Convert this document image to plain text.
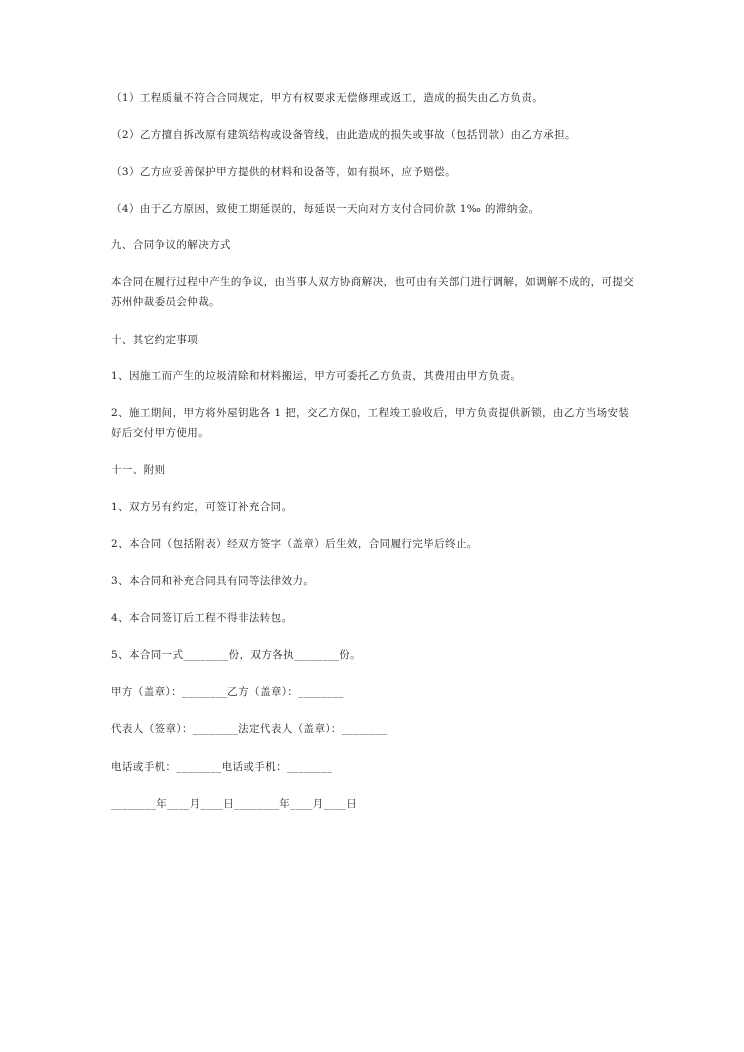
（1）工程质量不符合合同规定，甲方有权要求无偿修理或返工，造成的损失由乙方负责。
（2）乙方擅自拆改原有建筑结构或设备管线，由此造成的损失或事故（包括罚款）由乙方承担。
（3）乙方应妥善保护甲方提供的材料和设备等，如有损坏，应予赔偿。
（4）由于乙方原因，致使工期延误的，每延误一天向对方支付合同价款 1‰ 的滞纳金。
九、合同争议的解决方式
本合同在履行过程中产生的争议，由当事人双方协商解决，也可由有关部门进行调解，如调解不成的，可提交苏州仲裁委员会仲裁。
十、其它约定事项
1、因施工而产生的垃圾清除和材料搬运，甲方可委托乙方负责，其费用由甲方负责。
2、施工期间，甲方将外屋钥匙各 1 把，交乙方保▯，工程竣工验收后，甲方负责提供新锁，由乙方当场安装好后交付甲方使用。
十一、附则
1、双方另有约定，可签订补充合同。
2、本合同（包括附表）经双方签字（盖章）后生效，合同履行完毕后终止。
3、本合同和补充合同具有同等法律效力。
4、本合同签订后工程不得非法转包。
5、本合同一式________份，双方各执________份。
甲方（盖章）：________乙方（盖章）：________
代表人（签章）：________法定代表人（盖章）：________
电话或手机：________电话或手机：________
________年____月____日________年____月____日
